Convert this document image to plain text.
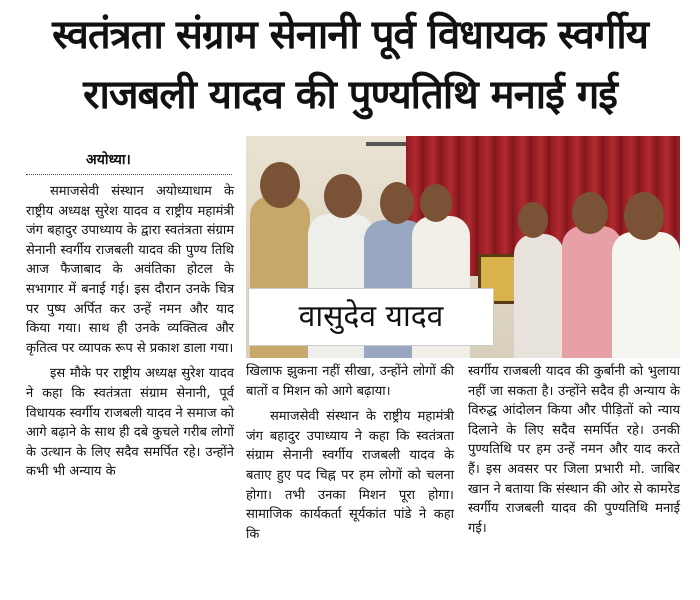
स्वतंत्रता संग्राम सेनानी पूर्व विधायक स्वर्गीय
राजबली यादव की पुण्यतिथि मनाई गई
अयोध्या।

समाजसेवी संस्थान अयोध्याधाम के राष्ट्रीय अध्यक्ष सुरेश यादव व राष्ट्रीय महामंत्री जंग बहादुर उपाध्याय के द्वारा स्वतंत्रता संग्राम सेनानी स्वर्गीय राजबली यादव की पुण्य तिथि आज फैजाबाद के अवंतिका होटल के सभागार में बनाई गई। इस दौरान उनके चित्र पर पुष्प अर्पित कर उन्हें नमन और याद किया गया। साथ ही उनके व्यक्तित्व और कृतित्व पर व्यापक रूप से प्रकाश डाला गया।

इस मौके पर राष्ट्रीय अध्यक्ष सुरेश यादव ने कहा कि स्वतंत्रता संग्राम सेनानी, पूर्व विधायक स्वर्गीय राजबली यादव ने समाज को आगे बढ़ाने के साथ ही दबे कुचले गरीब लोगों के उत्थान के लिए सदैव समर्पित रहे। उन्होंने कभी भी अन्याय के

वासुदेव यादव

खिलाफ झुकना नहीं सीखा, उन्होंने लोगों की बातों व मिशन को आगे बढ़ाया।

समाजसेवी संस्थान के राष्ट्रीय महामंत्री जंग बहादुर उपाध्याय ने कहा कि स्वतंत्रता संग्राम सेनानी स्वर्गीय राजबली यादव के बताए हुए पद चिह्न पर हम लोगों को चलना होगा। तभी उनका मिशन पूरा होगा। सामाजिक कार्यकर्ता सूर्यकांत पांडे ने कहा कि

स्वर्गीय राजबली यादव की कुर्बानी को भुलाया नहीं जा सकता है। उन्होंने सदैव ही अन्याय के विरुद्ध आंदोलन किया और पीड़ितों को न्याय दिलाने के लिए सदैव समर्पित रहे। उनकी पुण्यतिथि पर हम उन्हें नमन और याद करते हैं। इस अवसर पर जिला प्रभारी मो. जाबिर खान ने बताया कि संस्थान की ओर से कामरेड स्वर्गीय राजबली यादव की पुण्यतिथि मनाई गई।
